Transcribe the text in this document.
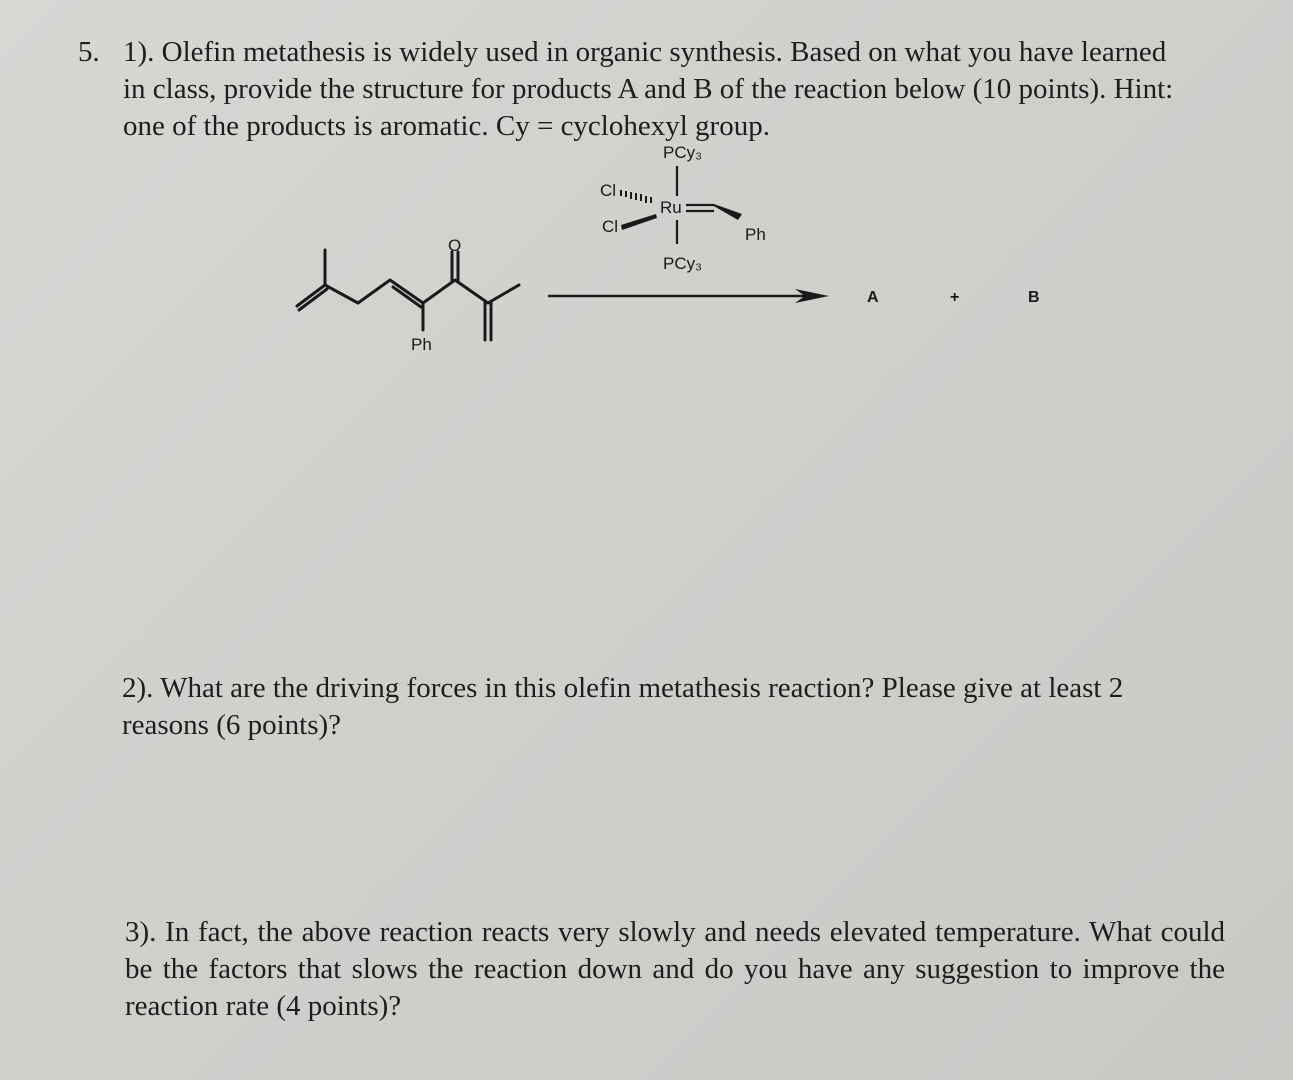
5. 1). Olefin metathesis is widely used in organic synthesis. Based on what you have learned
in class, provide the structure for products A and B of the reaction below (10 points). Hint:
one of the products is aromatic. Cy = cyclohexyl group.
2). What are the driving forces in this olefin metathesis reaction? Please give at least 2
reasons (6 points)?
3). In fact, the above reaction reacts very slowly and needs elevated temperature. What could be the factors that slows the reaction down and do you have any suggestion to improve the reaction rate (4 points)?
O
Ph
PCy₃
Cl
Ru
Ph
Cl
PCy₃
A	+	B
